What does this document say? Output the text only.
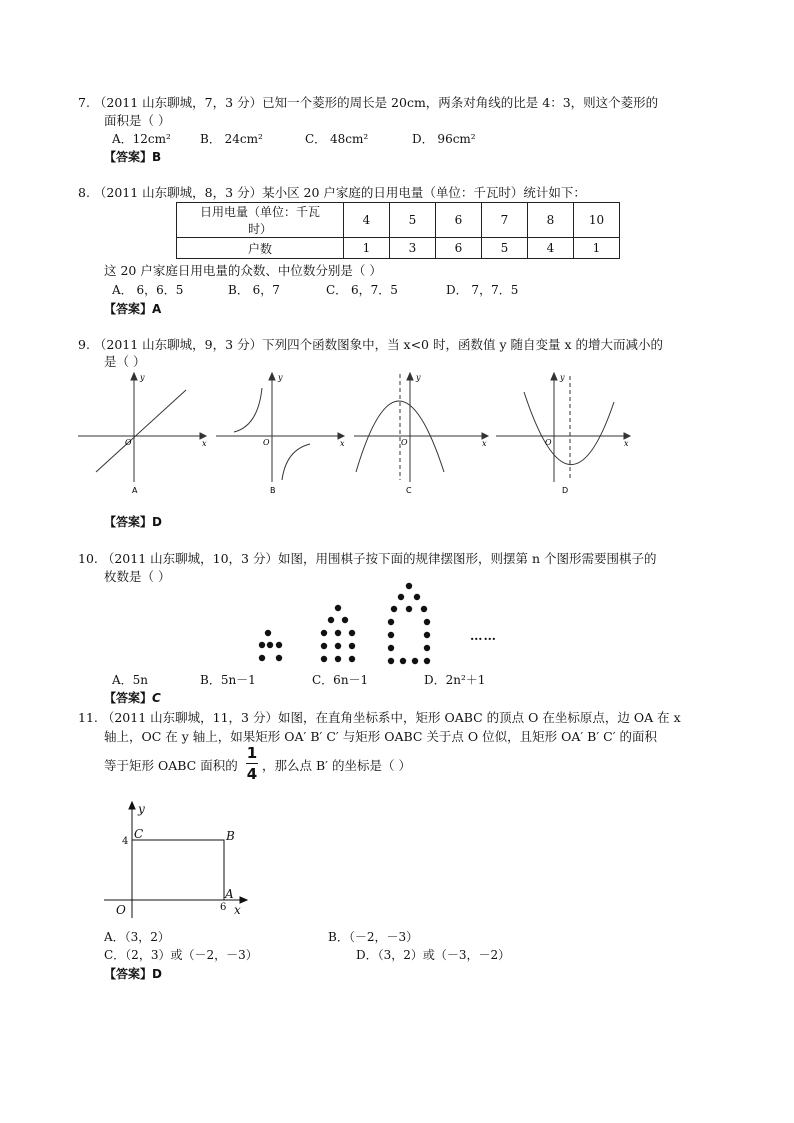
7. （2011 山东聊城，7，3 分）已知一个菱形的周长是 20cm，两条对角线的比是 4：3，则这个菱形的
面积是（ ）
A．12cm² B． 24cm²	C． 48cm²	D． 96cm²
【答案】B
8. （2011 山东聊城，8，3 分）某小区 20 户家庭的日用电量（单位：千瓦时）统计如下：
日用电量（单位：千瓦
时）	4	5	6	7	8	10
户数	1	3	6	5	4	1
这 20 户家庭日用电量的众数、中位数分别是（ ）
A． 6，6．5	B． 6，7	C． 6，7．5	D． 7，7．5
【答案】A
9. （2011 山东聊城，9，3 分）下列四个函数图象中，当 x<0 时，函数值 y 随自变量 x 的增大而减小的
是（ ）
y
x
O
A
y
x
O
B
y
x
O
C
y
x
O
D
【答案】D
10. （2011 山东聊城，10，3 分）如图，用围棋子按下面的规律摆图形，则摆第 n 个图形需要围棋子的
枚数是（ ）
……
A．5n	B．5n－1	C．6n－1	D．2n²＋1
【答案】C
11. （2011 山东聊城，11，3 分）如图，在直角坐标系中，矩形 OABC 的顶点 O 在坐标原点，边 OA 在 x
轴上，OC 在 y 轴上，如果矩形 OA′ B′ C′ 与矩形 OABC 关于点 O 位似，且矩形 OA′ B′ C′ 的面积
等于矩形 OABC 面积的
1
4 ，那么点 B′ 的坐标是（ ）
y
x
C	B
A
O
4
6
A．（3，2）	B．（－2，－3）
C．（2，3）或（－2，－3）	D．（3，2）或（－3，－2）
【答案】D
